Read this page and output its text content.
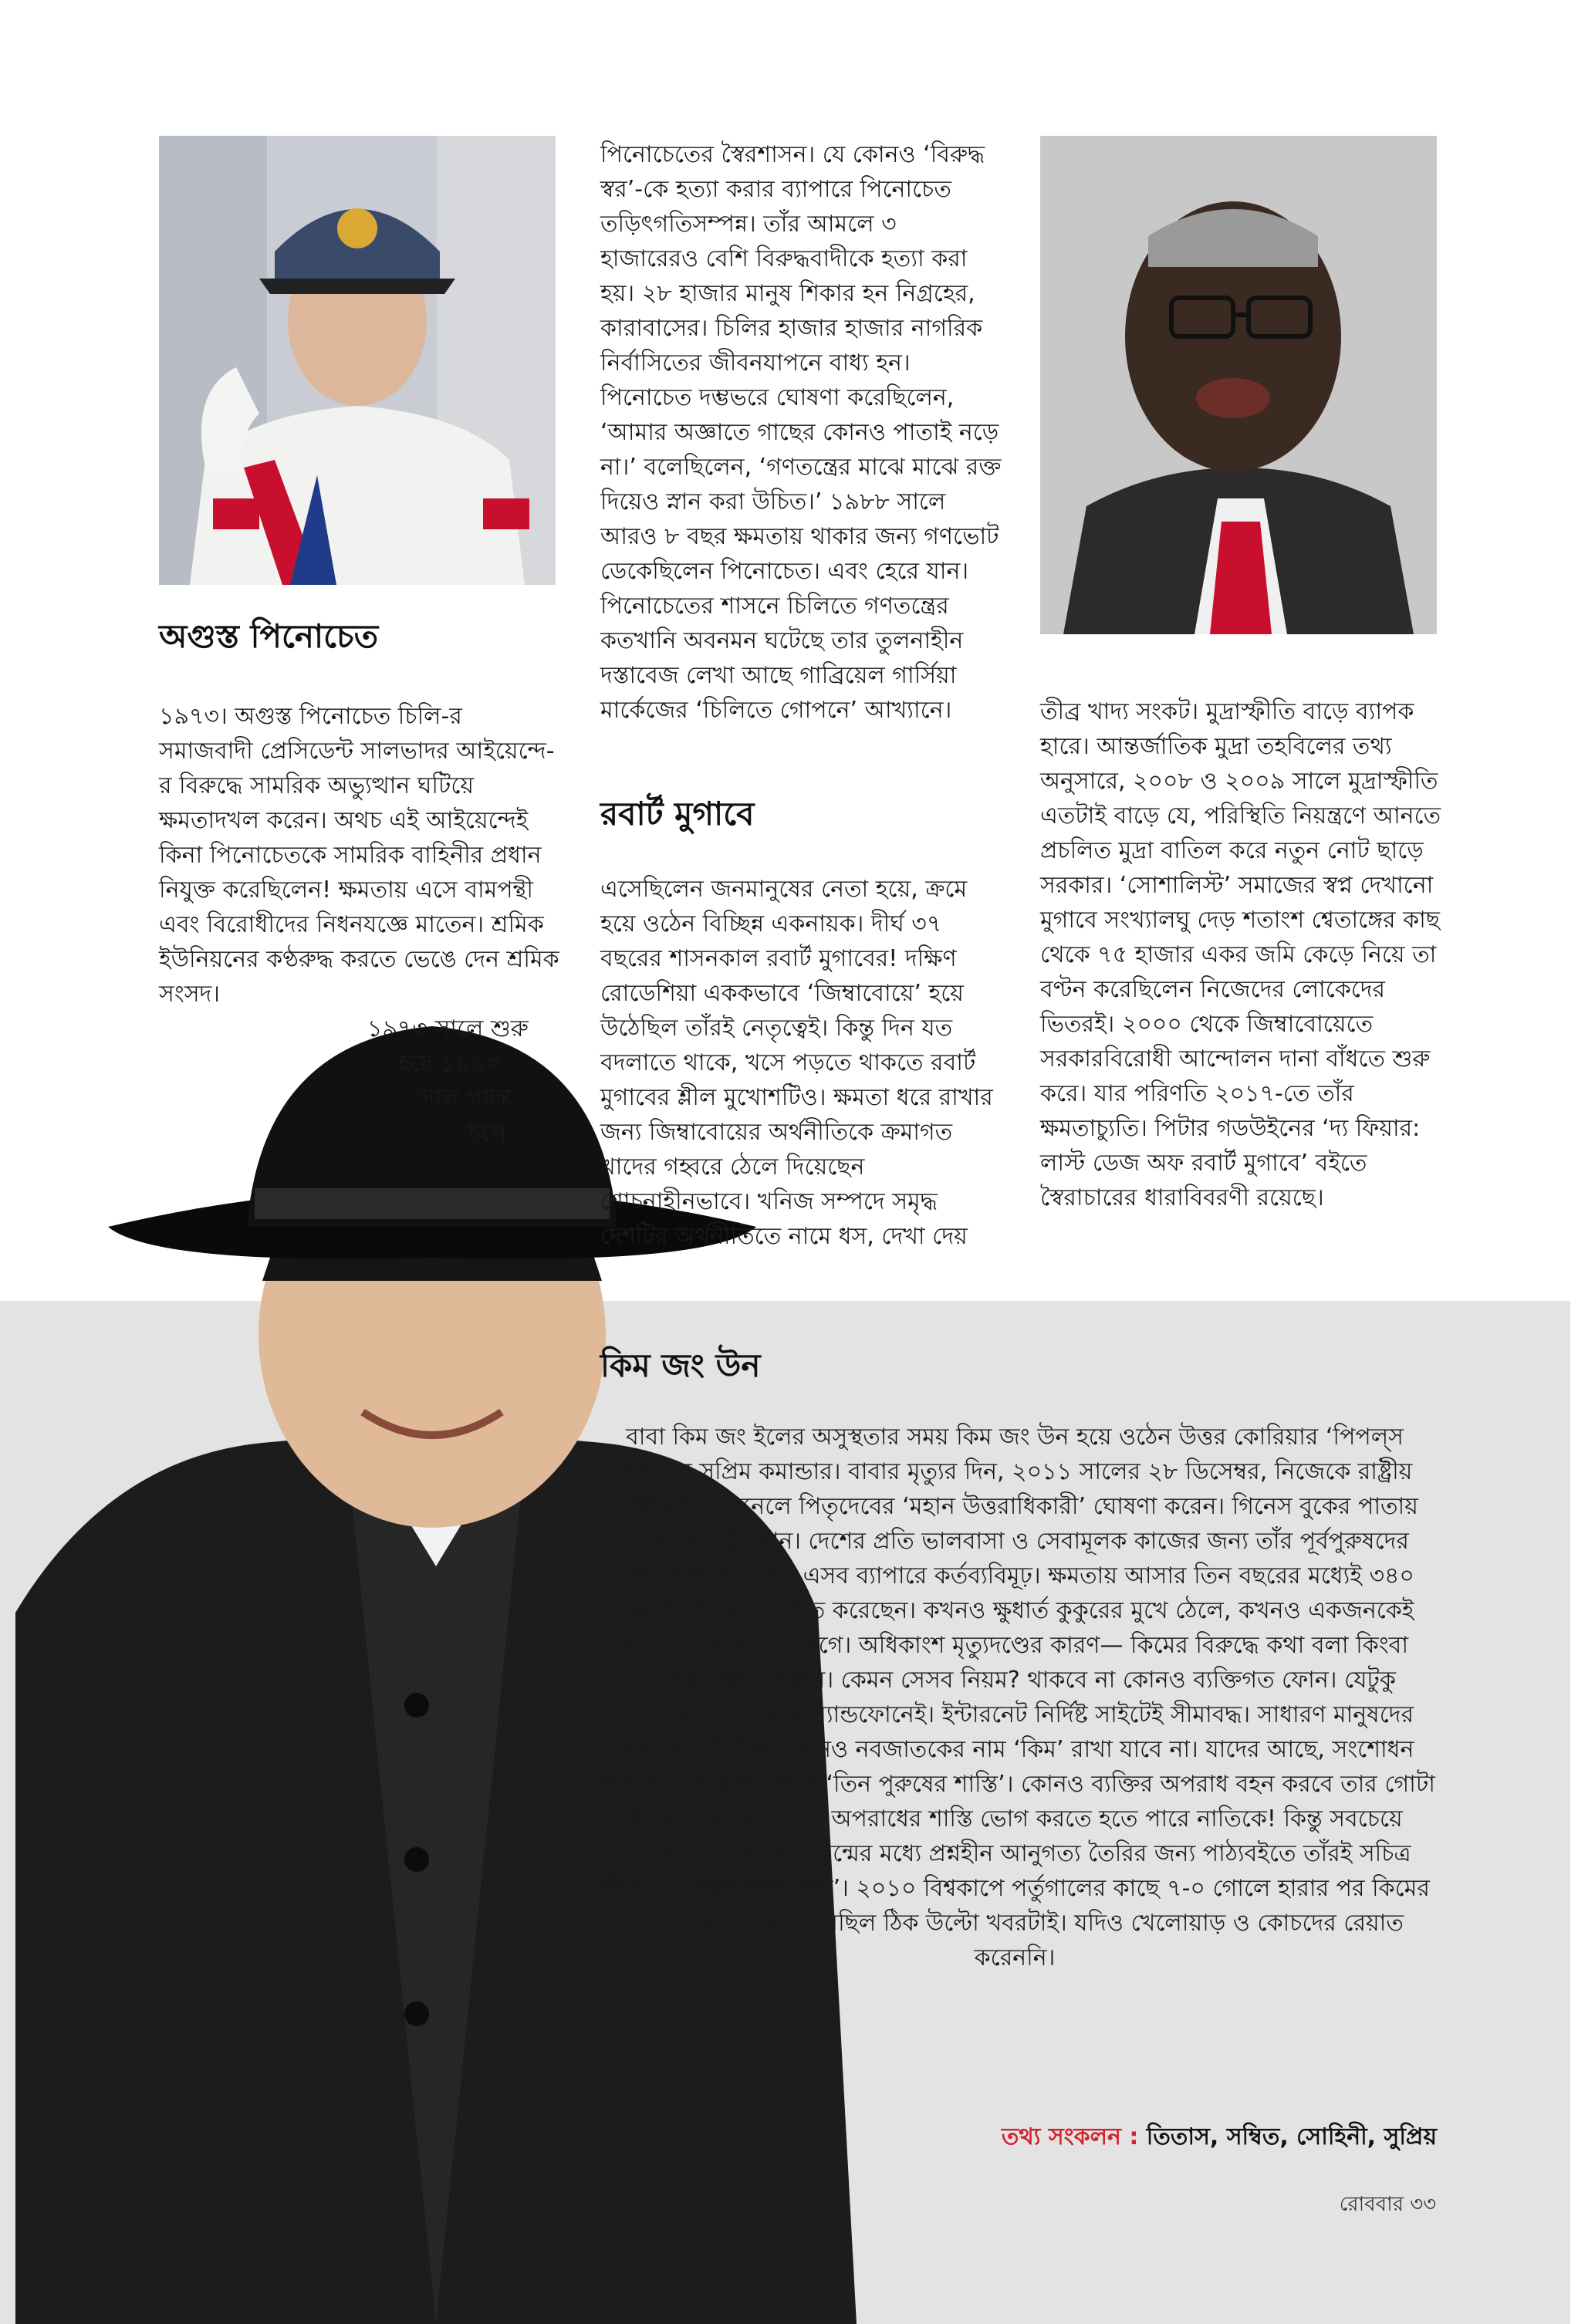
অগুস্ত পিনোচেত

১৯৭৩। অগুস্ত পিনোচেত চিলি-র সমাজবাদী প্রেসিডেন্ট সালভাদর আইয়েন্দে-র বিরুদ্ধে সামরিক অভ্যুত্থান ঘটিয়ে ক্ষমতাদখল করেন। অথচ এই আইয়েন্দেই কিনা পিনোচেতকে সামরিক বাহিনীর প্রধান নিযুক্ত করেছিলেন! ক্ষমতায় এসে বামপন্থী এবং বিরোধীদের নিধনযজ্ঞে মাতেন। শ্রমিক ইউনিয়নের কণ্ঠরুদ্ধ করতে ভেঙে দেন শ্রমিক সংসদ।
১৯৭৩ সালে শুরু
হয়ে ১৯৯০
সাল পর্যন্ত
চলে

পিনোচেতের স্বৈরশাসন। যে কোনও ‘বিরুদ্ধ স্বর’-কে হত্যা করার ব্যাপারে পিনোচেত তড়িৎগতিসম্পন্ন। তাঁর আমলে ৩ হাজারেরও বেশি বিরুদ্ধবাদীকে হত্যা করা হয়। ২৮ হাজার মানুষ শিকার হন নিগ্রহের, কারাবাসের। চিলির হাজার হাজার নাগরিক নির্বাসিতের জীবনযাপনে বাধ্য হন। পিনোচেত দম্ভভরে ঘোষণা করেছিলেন, ‘আমার অজ্ঞাতে গাছের কোনও পাতাই নড়ে না।’ বলেছিলেন, ‘গণতন্ত্রের মাঝে মাঝে রক্ত দিয়েও স্নান করা উচিত।’ ১৯৮৮ সালে আরও ৮ বছর ক্ষমতায় থাকার জন্য গণভোট ডেকেছিলেন পিনোচেত। এবং হেরে যান। পিনোচেতের শাসনে চিলিতে গণতন্ত্রের কতখানি অবনমন ঘটেছে তার তুলনাহীন দস্তাবেজ লেখা আছে গাব্রিয়েল গার্সিয়া মার্কেজের ‘চিলিতে গোপনে’ আখ্যানে।

রবার্ট মুগাবে

এসেছিলেন জনমানুষের নেতা হয়ে, ক্রমে হয়ে ওঠেন বিচ্ছিন্ন একনায়ক। দীর্ঘ ৩৭ বছরের শাসনকাল রবার্ট মুগাবের! দক্ষিণ রোডেশিয়া এককভাবে ‘জিম্বাবোয়ে’ হয়ে উঠেছিল তাঁরই নেতৃত্বেই। কিন্তু দিন যত বদলাতে থাকে, খসে পড়তে থাকতে রবার্ট মুগাবের শ্লীল মুখোশটিও। ক্ষমতা ধরে রাখার জন্য জিম্বাবোয়ের অর্থনীতিকে ক্রমাগত খাদের গহ্বরে ঠেলে দিয়েছেন শোচনাহীনভাবে। খনিজ সম্পদে সমৃদ্ধ দেশটির অর্থনীতিতে নামে ধস, দেখা দেয়

তীব্র খাদ্য সংকট। মুদ্রাস্ফীতি বাড়ে ব্যাপক হারে। আন্তর্জাতিক মুদ্রা তহবিলের তথ্য অনুসারে, ২০০৮ ও ২০০৯ সালে মুদ্রাস্ফীতি এতটাই বাড়ে যে, পরিস্থিতি নিয়ন্ত্রণে আনতে প্রচলিত মুদ্রা বাতিল করে নতুন নোট ছাড়ে সরকার। ‘সোশালিস্ট’ সমাজের স্বপ্ন দেখানো মুগাবে সংখ্যালঘু দেড় শতাংশ শ্বেতাঙ্গের কাছ থেকে ৭৫ হাজার একর জমি কেড়ে নিয়ে তা বণ্টন করেছিলেন নিজেদের লোকেদের ভিতরই। ২০০০ থেকে জিম্বাবোয়েতে সরকারবিরোধী আন্দোলন দানা বাঁধতে শুরু করে। যার পরিণতি ২০১৭-তে তাঁর ক্ষমতাচ্যুতি। পিটার গডউইনের ‘দ্য ফিয়ার: লাস্ট ডেজ অফ রবার্ট মুগাবে’ বইতে স্বৈরাচারের ধারাবিবরণী রয়েছে।

কিম জং উন

বাবা কিম জং ইলের অসুস্থতার সময় কিম জং উন হয়ে ওঠেন উত্তর কোরিয়ার ‘পিপল্‌স আর্মি’-র সুপ্রিম কমান্ডার। বাবার মৃত্যুর দিন, ২০১১ সালের ২৮ ডিসেম্বর, নিজেকে রাষ্ট্রীয় টেলিভিশন চ্যানেলে পিতৃদেবের ‘মহান উত্তরাধিকারী’ ঘোষণা করেন। গিনেস বুকের পাতায় সর্বকনিষ্ঠ রাষ্ট্রপ্রধান। দেশের প্রতি ভালবাসা ও সেবামূলক কাজের জন্য তাঁর পূর্বপুরুষদের সুনাম থাকলেও কিম এসব ব্যাপারে কর্তব্যবিমূঢ়। ক্ষমতায় আসার তিন বছরের মধ্যেই ৩৪০ জনকে প্রাণদণ্ডে দণ্ডিত করেছেন। কখনও ক্ষুধার্ত কুকুরের মুখে ঠেলে, কখনও একজনকেই মারা হয়েছে কামান দেগে। অধিকাংশ মৃত্যুদণ্ডের কারণ— কিমের বিরুদ্ধে কথা বলা কিংবা ‘দেশের নিয়ম’ লঙ্ঘন। কেমন সেসব নিয়ম? থাকবে না কোনও ব্যক্তিগত ফোন। যেটুকু যোগাযোগ, পাবলিক ল্যান্ডফোনেই। ইন্টারনেট নির্দিষ্ট সাইটেই সীমাবদ্ধ। সাধারণ মানুষদের জন্য তাও নিষিদ্ধ। কোনও নবজাতকের নাম ‘কিম’ রাখা যাবে না। যাদের আছে, সংশোধন করে নিতে হয়েছে। আছে ‘তিন পুরুষের শাস্তি’। কোনও ব্যক্তির অপরাধ বহন করবে তার গোটা পরিবার। দাদুর কোনও অপরাধের শাস্তি ভোগ করতে হতে পারে নাতিকে! কিন্তু সবচেয়ে ভয়ংকর— ভবিষ্যৎ প্রজন্মের মধ্যে প্রশ্নহীন আনুগত্য তৈরির জন্য পাঠ্যবইতে তাঁরই সচিত্র জীবনী: ‘বিস্ময়বালক কিম’। ২০১০ বিশ্বকাপে পর্তুগালের কাছে ৭-০ গোলে হারার পর কিমের নির্দেশে সম্প্রচারিত হয়েছিল ঠিক উল্টো খবরটাই। যদিও খেলোয়াড় ও কোচদের রেয়াত করেননি।

তথ্য সংকলন : তিতাস, সম্বিত, সোহিনী, সুপ্রিয়
রোববার ৩৩
